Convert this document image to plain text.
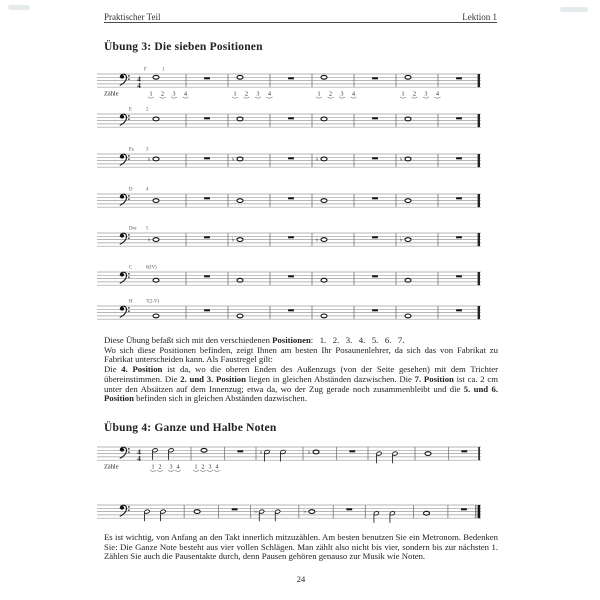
Praktischer Teil	Lektion 1
Übung 3: Die sieben Positionen
F	1
4
4
Zähle	1 2 3 4	1 2 3 4	1 2 3 4	1 2 3 4
E	2
Es	3
♭	♭	♭	♭
D	4
Des 5
♭	♭	♭	♭
C	6(IV)
H	7(2-V)
4
4
♭	♭
Zähle	1 2 3 4	1 2 3 4
♭	♭

Diese Übung befaßt sich mit den verschiedenen Positionen:   1.   2.   3.   4.   5.   6.   7.
Wo sich diese Positionen befinden, zeigt Ihnen am besten Ihr Posaunenlehrer, da sich das von Fabrikat zu Fabrikat unterscheiden kann. Als Faustregel gilt:
Die 4. Position ist da, wo die oberen Enden des Außenzugs (von der Seite gesehen) mit dem Trichter übereinstimmen. Die 2. und 3. Position liegen in gleichen Abständen dazwischen. Die 7. Position ist ca. 2 cm unter den Absätzen auf dem Innenzug; etwa da, wo der Zug gerade noch zusammenbleibt und die 5. und 6. Position befinden sich in gleichen Abständen dazwischen.

Übung 4: Ganze und Halbe Noten

Es ist wichtig, von Anfang an den Takt innerlich mitzuzählen. Am besten benutzen Sie ein Metronom. Bedenken Sie: Die Ganze Note besteht aus vier vollen Schlägen. Man zählt also nicht bis vier, sondern bis zur nächsten 1. Zählen Sie auch die Pausentakte durch, denn Pausen gehören genauso zur Musik wie Noten.

24
